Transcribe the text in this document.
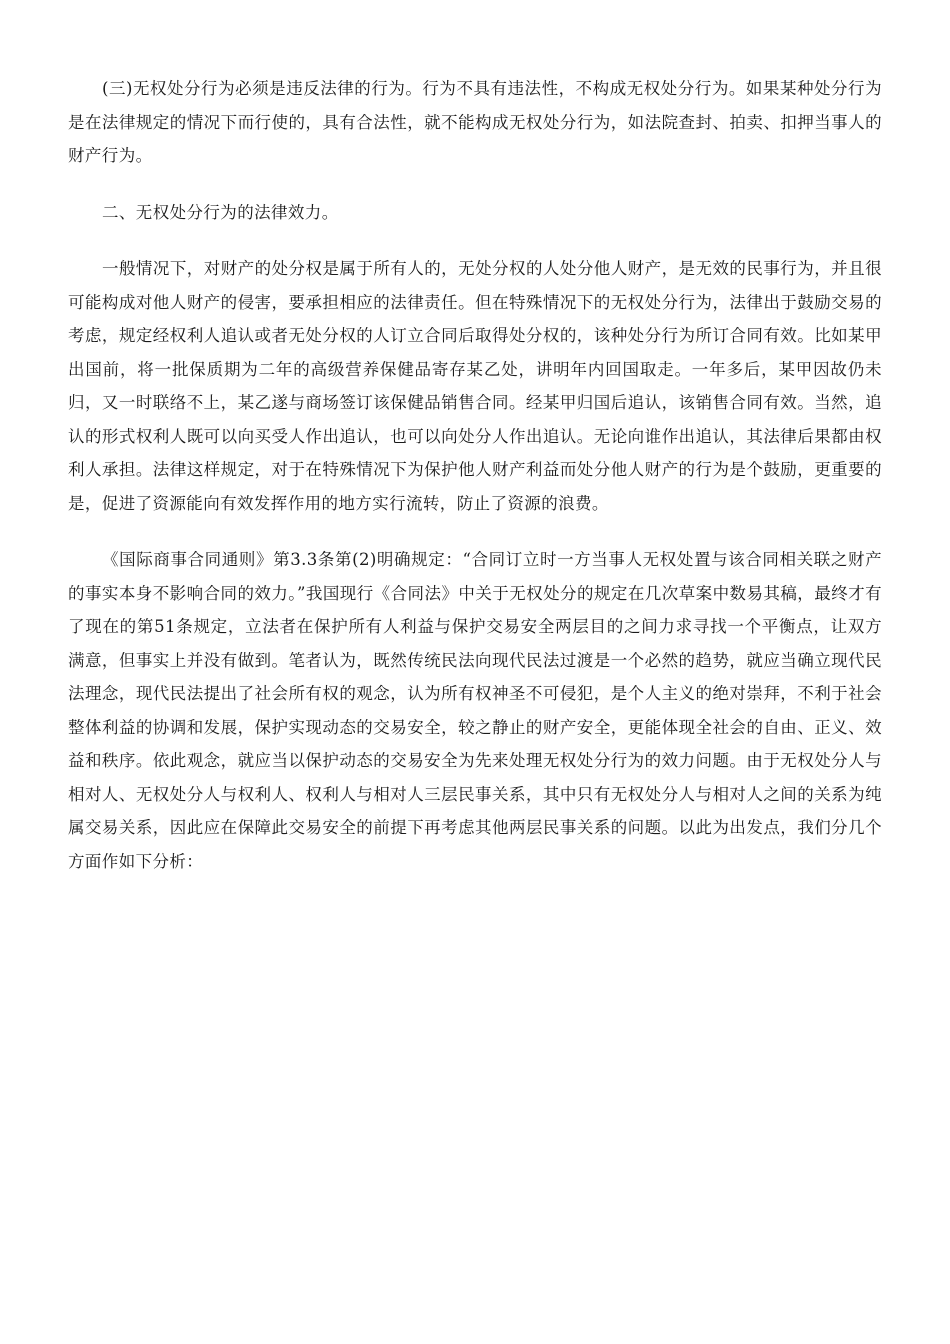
(三)无权处分行为必须是违反法律的行为。行为不具有违法性，不构成无权处分行为。如果某种处分行为是在法律规定的情况下而行使的，具有合法性，就不能构成无权处分行为，如法院查封、拍卖、扣押当事人的财产行为。

二、无权处分行为的法律效力。

一般情况下，对财产的处分权是属于所有人的，无处分权的人处分他人财产，是无效的民事行为，并且很可能构成对他人财产的侵害，要承担相应的法律责任。但在特殊情况下的无权处分行为，法律出于鼓励交易的考虑，规定经权利人追认或者无处分权的人订立合同后取得处分权的，该种处分行为所订合同有效。比如某甲出国前，将一批保质期为二年的高级营养保健品寄存某乙处，讲明年内回国取走。一年多后，某甲因故仍未归，又一时联络不上，某乙遂与商场签订该保健品销售合同。经某甲归国后追认，该销售合同有效。当然，追认的形式权利人既可以向买受人作出追认，也可以向处分人作出追认。无论向谁作出追认，其法律后果都由权利人承担。法律这样规定，对于在特殊情况下为保护他人财产利益而处分他人财产的行为是个鼓励，更重要的是，促进了资源能向有效发挥作用的地方实行流转，防止了资源的浪费。

《国际商事合同通则》第3.3条第(2)明确规定：“合同订立时一方当事人无权处置与该合同相关联之财产的事实本身不影响合同的效力。”我国现行《合同法》中关于无权处分的规定在几次草案中数易其稿，最终才有了现在的第51条规定，立法者在保护所有人利益与保护交易安全两层目的之间力求寻找一个平衡点，让双方满意，但事实上并没有做到。笔者认为，既然传统民法向现代民法过渡是一个必然的趋势，就应当确立现代民法理念，现代民法提出了社会所有权的观念，认为所有权神圣不可侵犯，是个人主义的绝对崇拜，不利于社会整体利益的协调和发展，保护实现动态的交易安全，较之静止的财产安全，更能体现全社会的自由、正义、效益和秩序。依此观念，就应当以保护动态的交易安全为先来处理无权处分行为的效力问题。由于无权处分人与相对人、无权处分人与权利人、权利人与相对人三层民事关系，其中只有无权处分人与相对人之间的关系为纯属交易关系，因此应在保障此交易安全的前提下再考虑其他两层民事关系的问题。以此为出发点，我们分几个方面作如下分析：
